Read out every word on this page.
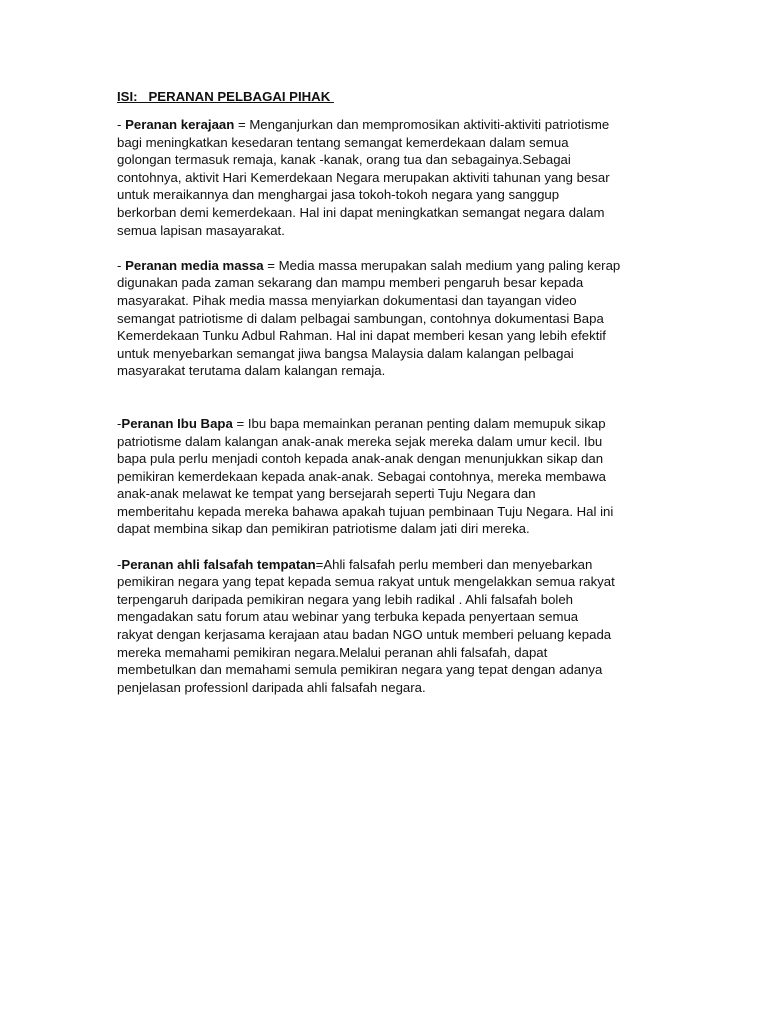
ISI:   PERANAN PELBAGAI PIHAK
- Peranan kerajaan = Menganjurkan dan mempromosikan aktiviti-aktiviti patriotisme
bagi meningkatkan kesedaran tentang semangat kemerdekaan dalam semua
golongan termasuk remaja, kanak -kanak, orang tua dan sebagainya.Sebagai
contohnya, aktivit Hari Kemerdekaan Negara merupakan aktiviti tahunan yang besar
untuk meraikannya dan menghargai jasa tokoh-tokoh negara yang sanggup
berkorban demi kemerdekaan. Hal ini dapat meningkatkan semangat negara dalam
semua lapisan masayarakat.
- Peranan media massa = Media massa merupakan salah medium yang paling kerap
digunakan pada zaman sekarang dan mampu memberi pengaruh besar kepada
masyarakat. Pihak media massa menyiarkan dokumentasi dan tayangan video
semangat patriotisme di dalam pelbagai sambungan, contohnya dokumentasi Bapa
Kemerdekaan Tunku Adbul Rahman. Hal ini dapat memberi kesan yang lebih efektif
untuk menyebarkan semangat jiwa bangsa Malaysia dalam kalangan pelbagai
masyarakat terutama dalam kalangan remaja.
-Peranan Ibu Bapa = Ibu bapa memainkan peranan penting dalam memupuk sikap
patriotisme dalam kalangan anak-anak mereka sejak mereka dalam umur kecil. Ibu
bapa pula perlu menjadi contoh kepada anak-anak dengan menunjukkan sikap dan
pemikiran kemerdekaan kepada anak-anak. Sebagai contohnya, mereka membawa
anak-anak melawat ke tempat yang bersejarah seperti Tuju Negara dan
memberitahu kepada mereka bahawa apakah tujuan pembinaan Tuju Negara. Hal ini
dapat membina sikap dan pemikiran patriotisme dalam jati diri mereka.
-Peranan ahli falsafah tempatan=Ahli falsafah perlu memberi dan menyebarkan
pemikiran negara yang tepat kepada semua rakyat untuk mengelakkan semua rakyat
terpengaruh daripada pemikiran negara yang lebih radikal . Ahli falsafah boleh
mengadakan satu forum atau webinar yang terbuka kepada penyertaan semua
rakyat dengan kerjasama kerajaan atau badan NGO untuk memberi peluang kepada
mereka memahami pemikiran negara.Melalui peranan ahli falsafah, dapat
membetulkan dan memahami semula pemikiran negara yang tepat dengan adanya
penjelasan professionl daripada ahli falsafah negara.
